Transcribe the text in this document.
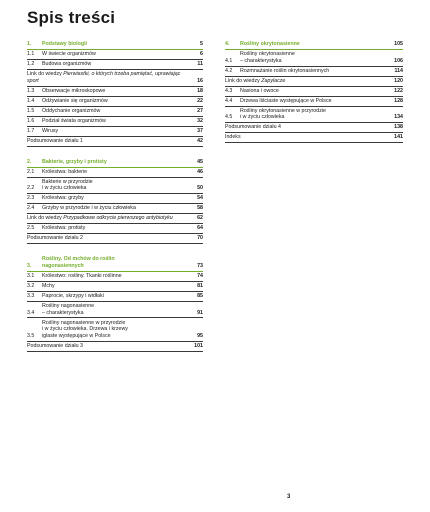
Spis treści
1.	Podstawy biologii	5
1.1	W świecie organizmów	6
1.2	Budowa organizmów	11
Link do wiedzy Pierwiastki, o których trzeba pamiętać, uprawiając sport	16
1.3	Obserwacje mikroskopowe	18
1.4	Odżywianie się organizmów	22
1.5	Oddychanie organizmów	27
1.6	Podział świata organizmów	32
1.7	Wirusy	37
Podsumowanie działu 1	42
2.	Bakterie, grzyby i protisty	45
2.1	Królestwa: bakterie	46
2.2
Bakterie w przyrodzie
i w życiu człowieka	50
2.3	Królestwa: grzyby	54
2.4	Grzyby w przyrodzie i w życiu człowieka	58
Link do wiedzy Przypadkowe odkrycie pierwszego antybiotyku	62
2.5	Królestwa: protisty	64
Podsumowanie działu 2	70
3.
Rośliny. Od mchów do roślin
nagonasiennych	73
3.1	Królestwo: rośliny. Tkanki roślinne	74
3.2	Mchy	81
3.3	Paprocie, skrzypy i widłaki	85
3.4
Rośliny nagonasienne
– charakterystyka	91
3.5
Rośliny nagonasienne w przyrodzie
i w życiu człowieka. Drzewa i krzewy
iglaste występujące w Polsce	95
Podsumowanie działu 3	101
4.	Rośliny okrytonasienne	105
4.1
Rośliny okrytonasienne
– charakterystyka	106
4.2	Rozmnażanie roślin okrytonasiennych	114
Link do wiedzy Zapylacze	120
4.3	Nasiona i owoce	122
4.4	Drzewa liściaste występujące w Polsce	128
4.5
Rośliny okrytonasienne w przyrodzie
i w życiu człowieka	134
Podsumowanie działu 4	138
Indeks	141
3
